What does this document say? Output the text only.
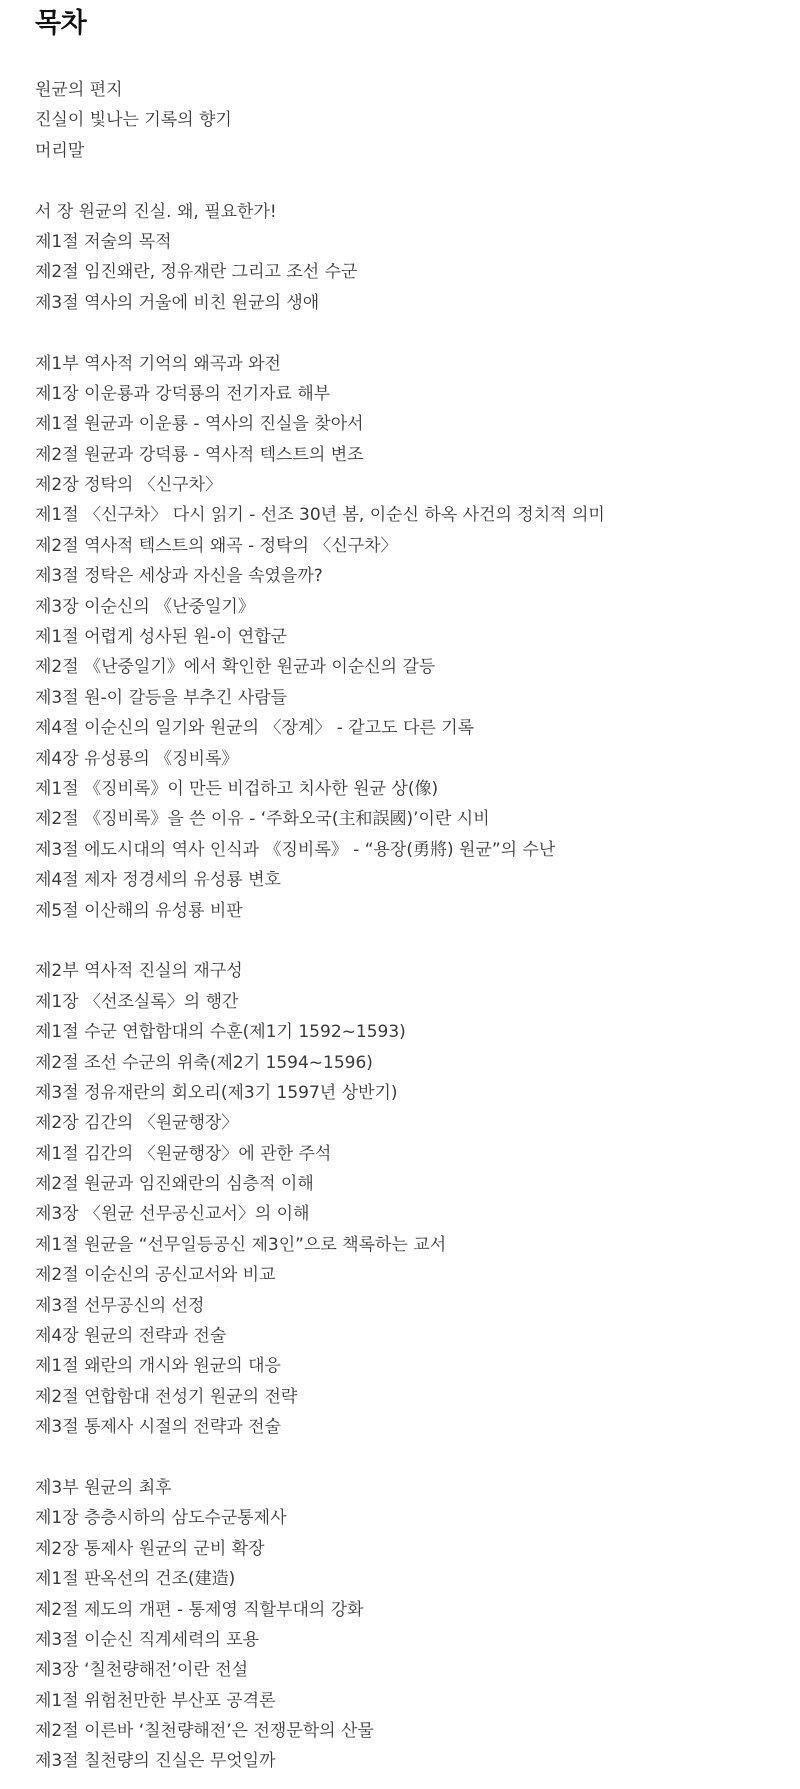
목차
원균의 편지
진실이 빛나는 기록의 향기
머리말
서 장 원균의 진실. 왜, 필요한가!
제1절 저술의 목적
제2절 임진왜란, 정유재란 그리고 조선 수군
제3절 역사의 거울에 비친 원균의 생애
제1부 역사적 기억의 왜곡과 와전
제1장 이운룡과 강덕룡의 전기자료 해부
제1절 원균과 이운룡 - 역사의 진실을 찾아서
제2절 원균과 강덕룡 - 역사적 텍스트의 변조
제2장 정탁의 〈신구차〉
제1절 〈신구차〉 다시 읽기 - 선조 30년 봄, 이순신 하옥 사건의 정치적 의미
제2절 역사적 텍스트의 왜곡 - 정탁의 〈신구차〉
제3절 정탁은 세상과 자신을 속였을까?
제3장 이순신의 《난중일기》
제1절 어렵게 성사된 원-이 연합군
제2절 《난중일기》에서 확인한 원균과 이순신의 갈등
제3절 원-이 갈등을 부추긴 사람들
제4절 이순신의 일기와 원균의 〈장계〉 - 같고도 다른 기록
제4장 유성룡의 《징비록》
제1절 《징비록》이 만든 비겁하고 치사한 원균 상(像)
제2절 《징비록》을 쓴 이유 - ‘주화오국(主和誤國)’이란 시비
제3절 에도시대의 역사 인식과 《징비록》 - “용장(勇將) 원균”의 수난
제4절 제자 정경세의 유성룡 변호
제5절 이산해의 유성룡 비판
제2부 역사적 진실의 재구성
제1장 〈선조실록〉의 행간
제1절 수군 연합함대의 수훈(제1기 1592~1593)
제2절 조선 수군의 위축(제2기 1594~1596)
제3절 정유재란의 회오리(제3기 1597년 상반기)
제2장 김간의 〈원균행장〉
제1절 김간의 〈원균행장〉에 관한 주석
제2절 원균과 임진왜란의 심층적 이해
제3장 〈원균 선무공신교서〉의 이해
제1절 원균을 “선무일등공신 제3인”으로 책록하는 교서
제2절 이순신의 공신교서와 비교
제3절 선무공신의 선정
제4장 원균의 전략과 전술
제1절 왜란의 개시와 원균의 대응
제2절 연합함대 전성기 원균의 전략
제3절 통제사 시절의 전략과 전술
제3부 원균의 최후
제1장 층층시하의 삼도수군통제사
제2장 통제사 원균의 군비 확장
제1절 판옥선의 건조(建造)
제2절 제도의 개편 - 통제영 직할부대의 강화
제3절 이순신 직계세력의 포용
제3장 ‘칠천량해전’이란 전설
제1절 위험천만한 부산포 공격론
제2절 이른바 ‘칠천량해전’은 전쟁문학의 산물
제3절 칠천량의 진실은 무엇일까
